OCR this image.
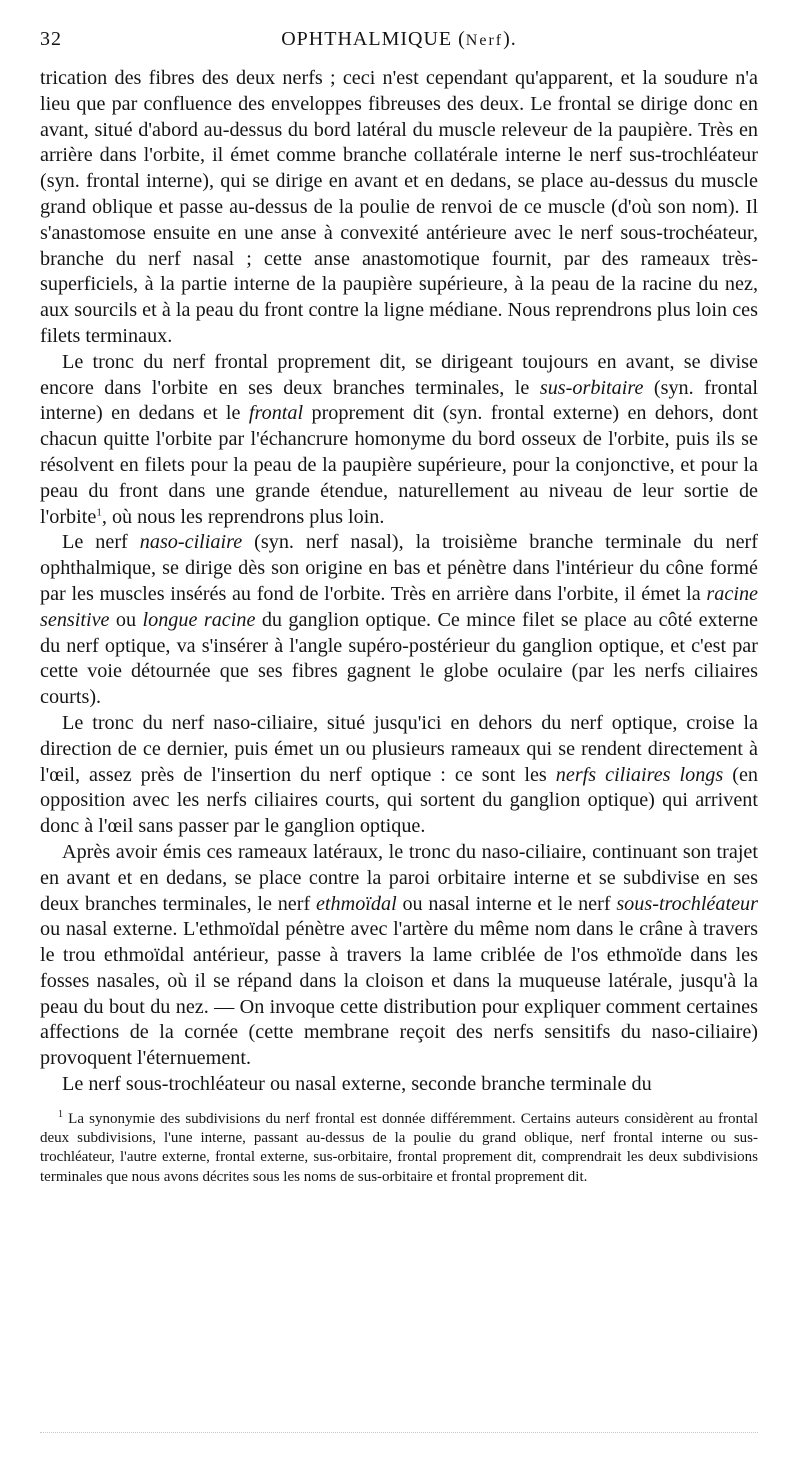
32	OPHTHALMIQUE (Nerf).

trication des fibres des deux nerfs ; ceci n'est cependant qu'apparent, et la soudure n'a lieu que par confluence des enveloppes fibreuses des deux. Le frontal se dirige donc en avant, situé d'abord au-dessus du bord latéral du muscle releveur de la paupière. Très en arrière dans l'orbite, il émet comme branche collatérale interne le nerf sus-trochléateur (syn. frontal interne), qui se dirige en avant et en dedans, se place au-dessus du muscle grand oblique et passe au-dessus de la poulie de renvoi de ce muscle (d'où son nom). Il s'anastomose ensuite en une anse à convexité antérieure avec le nerf sous-trochéateur, branche du nerf nasal ; cette anse anastomotique fournit, par des rameaux très-superficiels, à la partie interne de la paupière supérieure, à la peau de la racine du nez, aux sourcils et à la peau du front contre la ligne médiane. Nous reprendrons plus loin ces filets terminaux.

Le tronc du nerf frontal proprement dit, se dirigeant toujours en avant, se divise encore dans l'orbite en ses deux branches terminales, le sus-orbitaire (syn. frontal interne) en dedans et le frontal proprement dit (syn. frontal externe) en dehors, dont chacun quitte l'orbite par l'échancrure homonyme du bord osseux de l'orbite, puis ils se résolvent en filets pour la peau de la paupière supérieure, pour la conjonctive, et pour la peau du front dans une grande étendue, naturellement au niveau de leur sortie de l'orbite$^1$, où nous les reprendrons plus loin.

Le nerf naso-ciliaire (syn. nerf nasal), la troisième branche terminale du nerf ophthalmique, se dirige dès son origine en bas et pénètre dans l'intérieur du cône formé par les muscles insérés au fond de l'orbite. Très en arrière dans l'orbite, il émet la racine sensitive ou longue racine du ganglion optique. Ce mince filet se place au côté externe du nerf optique, va s'insérer à l'angle supéro-postérieur du ganglion optique, et c'est par cette voie détournée que ses fibres gagnent le globe oculaire (par les nerfs ciliaires courts).

Le tronc du nerf naso-ciliaire, situé jusqu'ici en dehors du nerf optique, croise la direction de ce dernier, puis émet un ou plusieurs rameaux qui se rendent directement à l'œil, assez près de l'insertion du nerf optique : ce sont les nerfs ciliaires longs (en opposition avec les nerfs ciliaires courts, qui sortent du ganglion optique) qui arrivent donc à l'œil sans passer par le ganglion optique.

Après avoir émis ces rameaux latéraux, le tronc du naso-ciliaire, continuant son trajet en avant et en dedans, se place contre la paroi orbitaire interne et se subdivise en ses deux branches terminales, le nerf ethmoïdal ou nasal interne et le nerf sous-trochléateur ou nasal externe. L'ethmoïdal pénètre avec l'artère du même nom dans le crâne à travers le trou ethmoïdal antérieur, passe à travers la lame criblée de l'os ethmoïde dans les fosses nasales, où il se répand dans la cloison et dans la muqueuse latérale, jusqu'à la peau du bout du nez. — On invoque cette distribution pour expliquer comment certaines affections de la cornée (cette membrane reçoit des nerfs sensitifs du naso-ciliaire) provoquent l'éternuement.

Le nerf sous-trochléateur ou nasal externe, seconde branche terminale du

$^1$ La synonymie des subdivisions du nerf frontal est donnée différemment. Certains auteurs considèrent au frontal deux subdivisions, l'une interne, passant au-dessus de la poulie du grand oblique, nerf frontal interne ou sus-trochléateur, l'autre externe, frontal externe, sus-orbitaire, frontal proprement dit, comprendrait les deux subdivisions terminales que nous avons décrites sous les noms de sus-orbitaire et frontal proprement dit.
